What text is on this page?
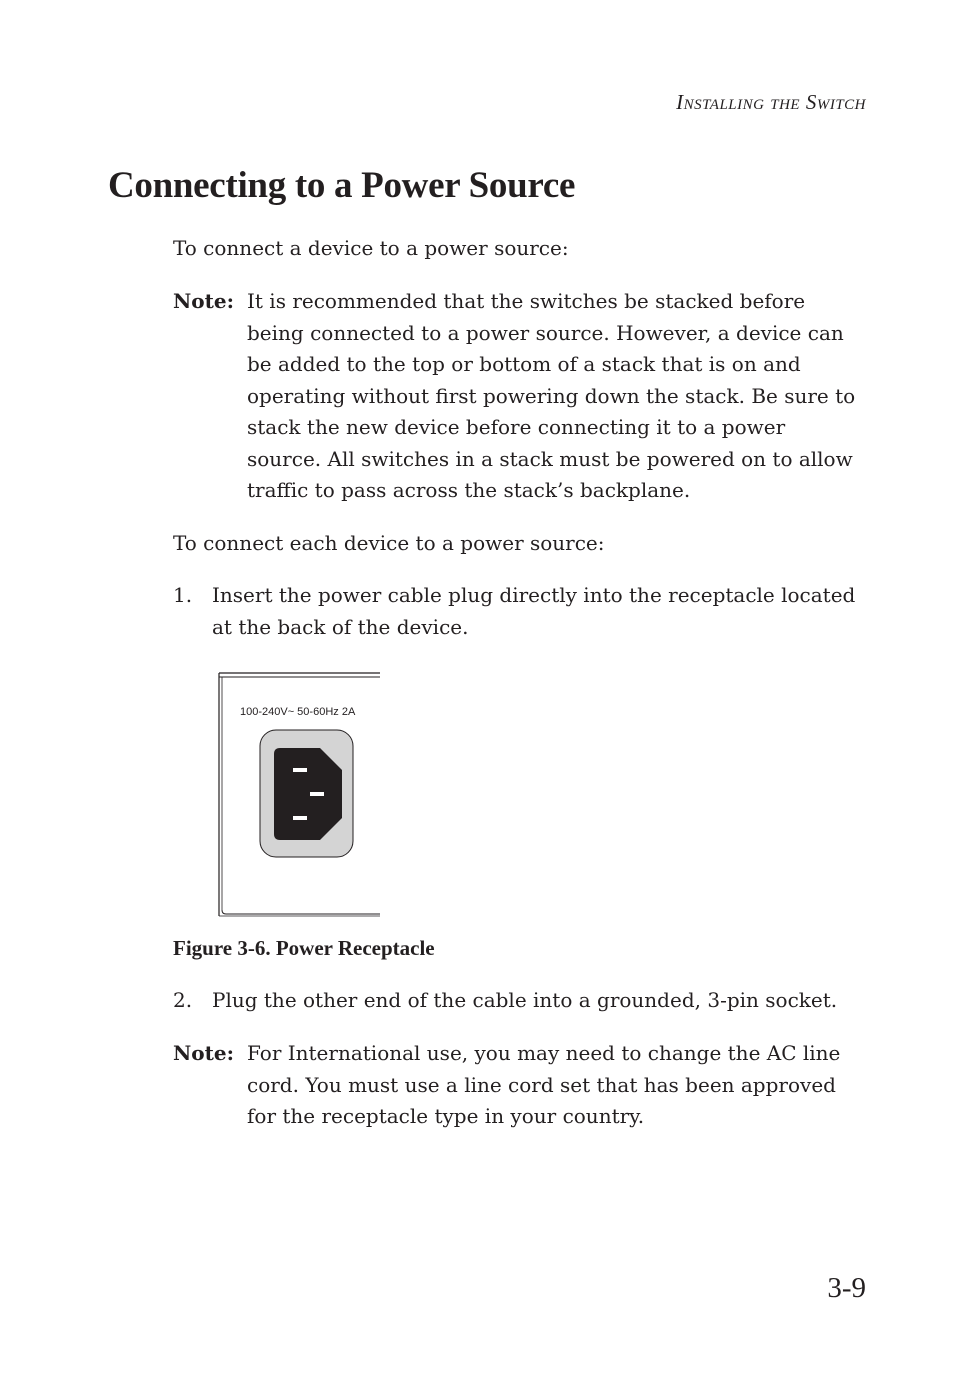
Installing the Switch
Connecting to a Power Source

To connect a device to a power source:

Note: It is recommended that the switches be stacked before being connected to a power source. However, a device can be added to the top or bottom of a stack that is on and operating without first powering down the stack. Be sure to stack the new device before connecting it to a power source. All switches in a stack must be powered on to allow traffic to pass across the stack’s backplane.

To connect each device to a power source:

1. Insert the power cable plug directly into the receptacle located at the back of the device.
100-240V~ 50-60Hz 2A
Figure 3-6. Power Receptacle
2. Plug the other end of the cable into a grounded, 3-pin socket.
Note: For International use, you may need to change the AC line cord. You must use a line cord set that has been approved for the receptacle type in your country.
3-9
